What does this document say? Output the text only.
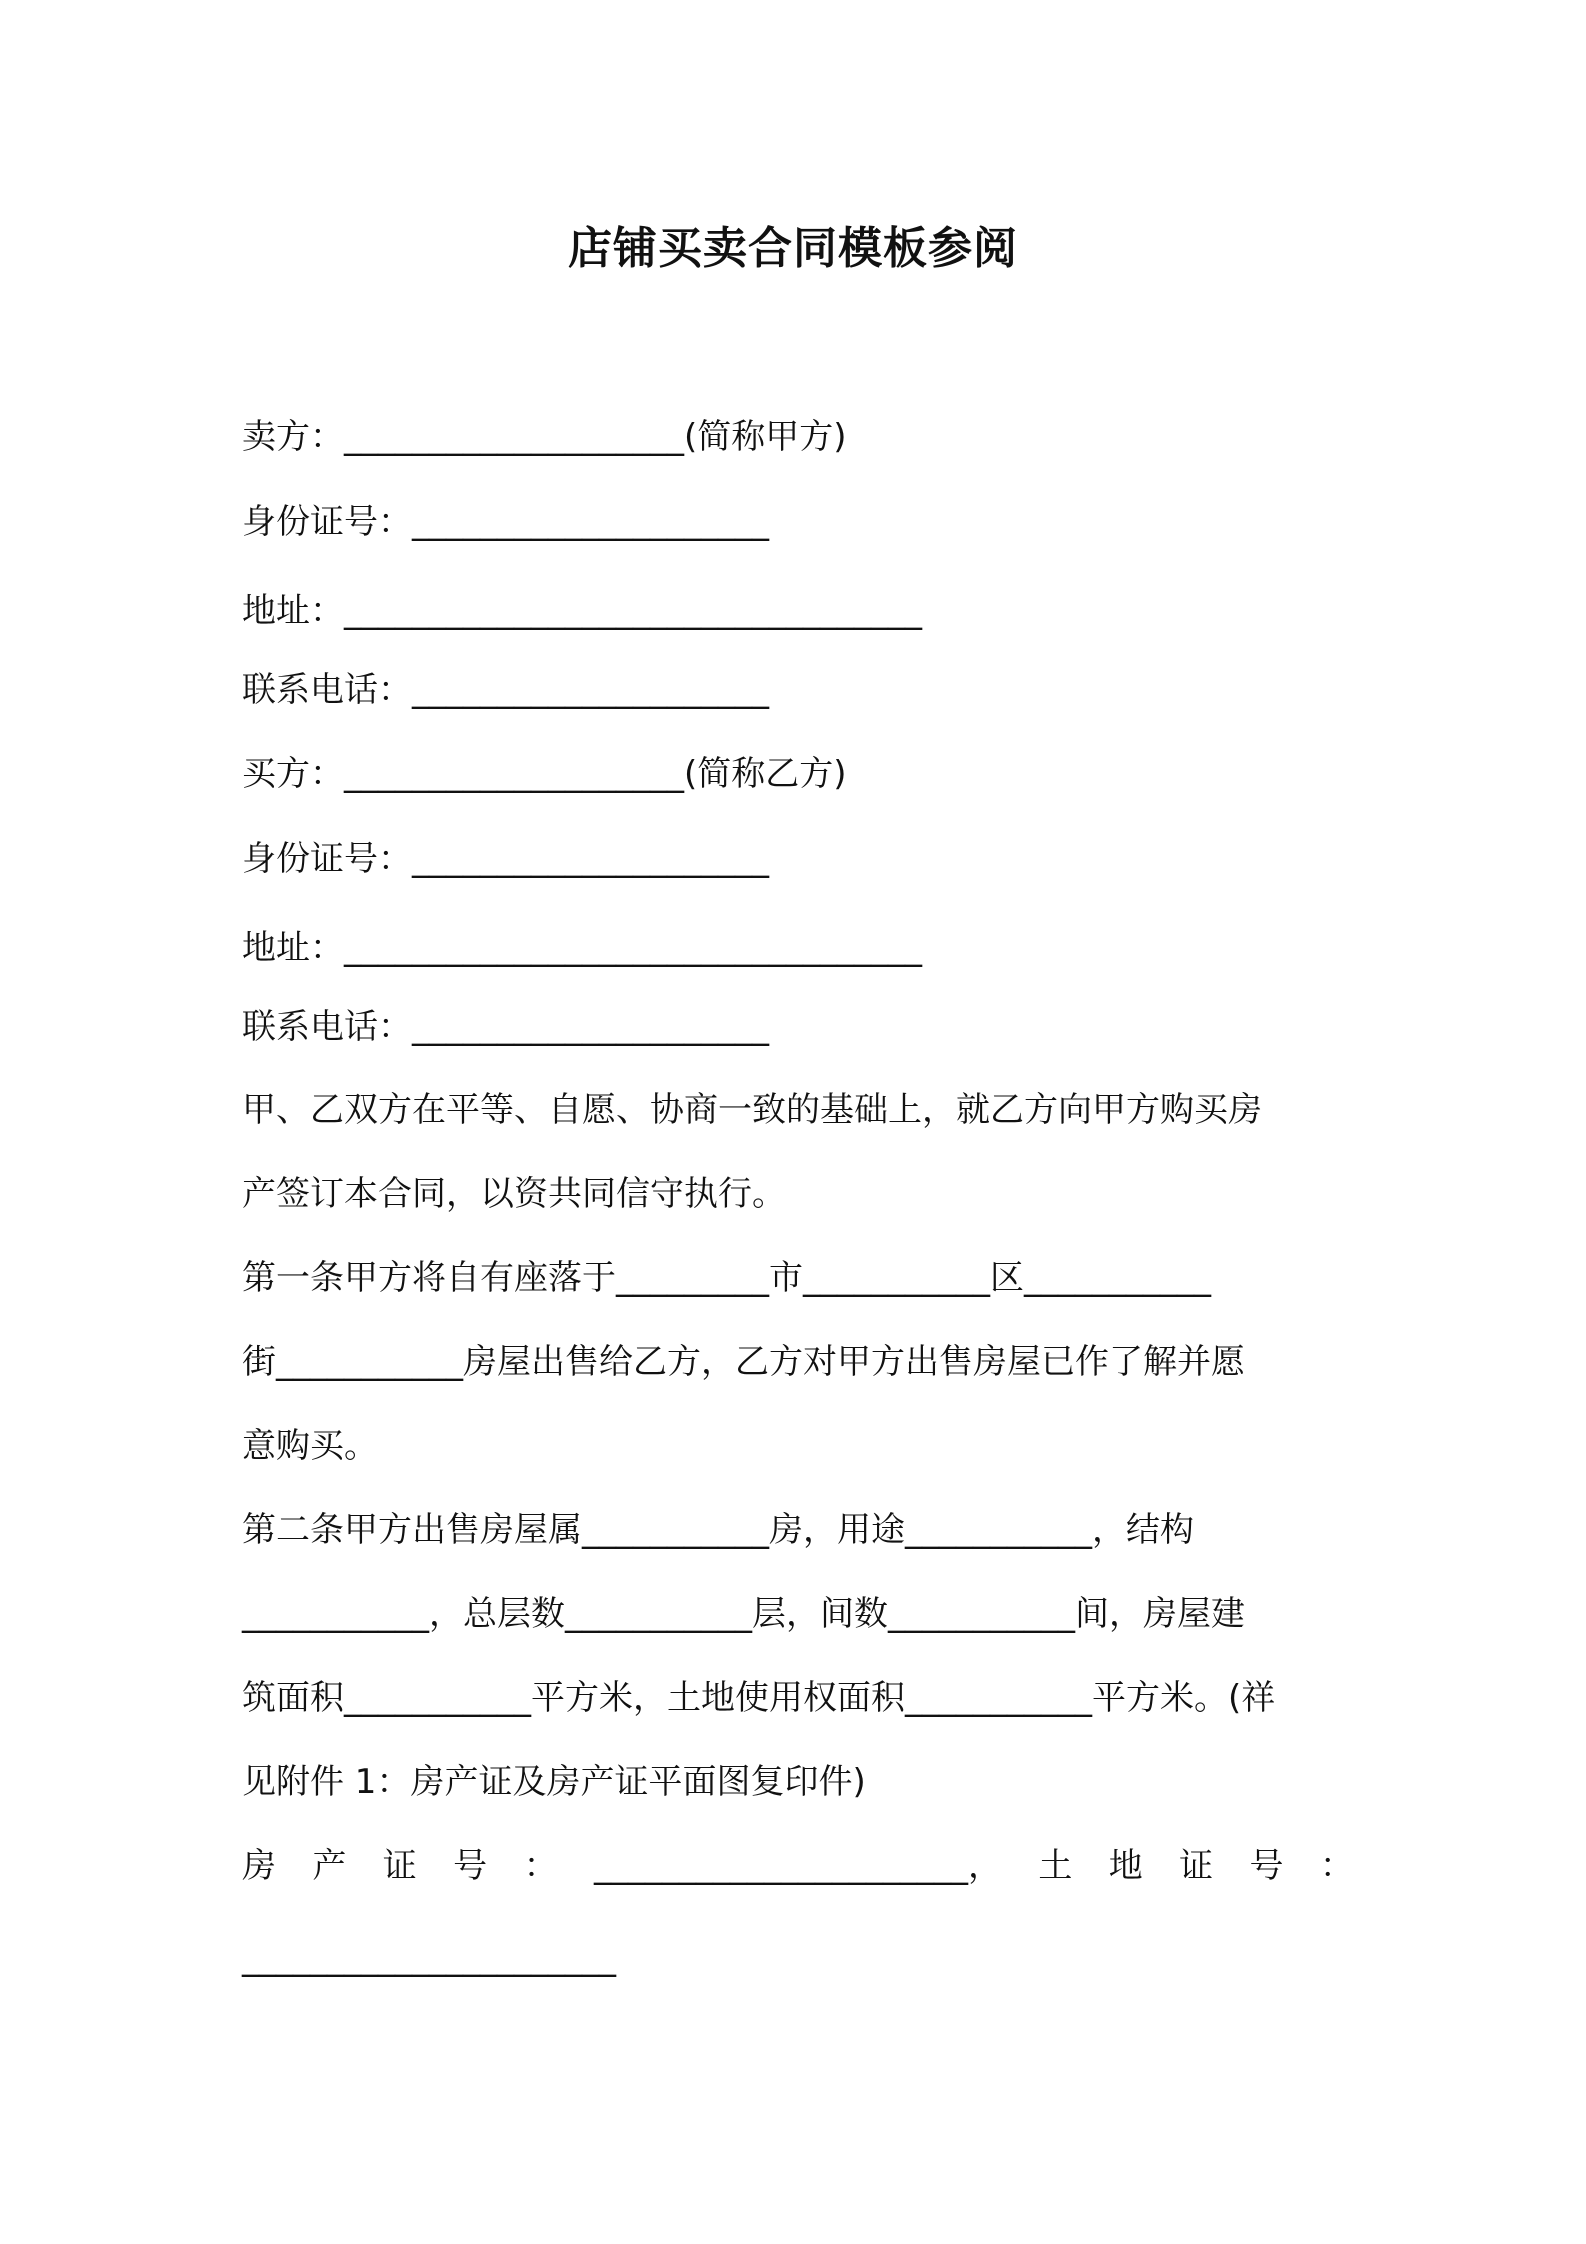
店铺买卖合同模板参阅
卖方：____________________(简称甲方)
身份证号：_____________________
地址：__________________________________
联系电话：_____________________
买方：____________________(简称乙方)
身份证号：_____________________
地址：__________________________________
联系电话：_____________________
甲、乙双方在平等、自愿、协商一致的基础上，就乙方向甲方购买房
产签订本合同，以资共同信守执行。
第一条甲方将自有座落于_________市___________区___________
街___________房屋出售给乙方，乙方对甲方出售房屋已作了解并愿
意购买。
第二条甲方出售房屋属___________房，用途___________，结构
___________，总层数___________层，间数___________间，房屋建
筑面积___________平方米，土地使用权面积___________平方米。(祥
见附件 1：房产证及房产证平面图复印件)
房 产 证 号 ： ______________________， 土 地 证 号 ：
______________________
